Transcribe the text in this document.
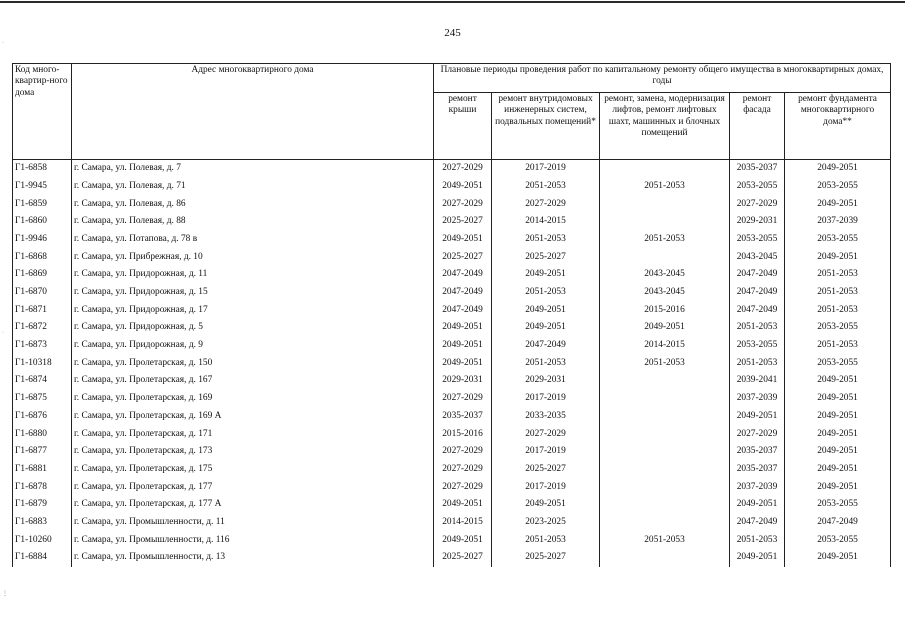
·
·
⋮
245
Код много-квартир-ного дома	Адрес многоквартирного дома	Плановые периоды проведения работ по капитальному ремонту общего имущества в многоквартирных домах, годы				
		ремонт крыши	ремонт внутридомовых инженерных систем, подвальных помещений*	ремонт, замена, модернизация лифтов, ремонт лифтовых шахт, машинных и блочных помещений	ремонт фасада	ремонт фундамента многоквартирного дома**
Г1-6858	г. Самара, ул. Полевая, д. 7	2027-2029	2017-2019		2035-2037	2049-2051
Г1-9945	г. Самара, ул. Полевая, д. 71	2049-2051	2051-2053	2051-2053	2053-2055	2053-2055
Г1-6859	г. Самара, ул. Полевая, д. 86	2027-2029	2027-2029		2027-2029	2049-2051
Г1-6860	г. Самара, ул. Полевая, д. 88	2025-2027	2014-2015		2029-2031	2037-2039
Г1-9946	г. Самара, ул. Потапова, д. 78 в	2049-2051	2051-2053	2051-2053	2053-2055	2053-2055
Г1-6868	г. Самара, ул. Прибрежная, д. 10	2025-2027	2025-2027		2043-2045	2049-2051
Г1-6869	г. Самара, ул. Придорожная, д. 11	2047-2049	2049-2051	2043-2045	2047-2049	2051-2053
Г1-6870	г. Самара, ул. Придорожная, д. 15	2047-2049	2051-2053	2043-2045	2047-2049	2051-2053
Г1-6871	г. Самара, ул. Придорожная, д. 17	2047-2049	2049-2051	2015-2016	2047-2049	2051-2053
Г1-6872	г. Самара, ул. Придорожная, д. 5	2049-2051	2049-2051	2049-2051	2051-2053	2053-2055
Г1-6873	г. Самара, ул. Придорожная, д. 9	2049-2051	2047-2049	2014-2015	2053-2055	2051-2053
Г1-10318	г. Самара, ул. Пролетарская, д. 150	2049-2051	2051-2053	2051-2053	2051-2053	2053-2055
Г1-6874	г. Самара, ул. Пролетарская, д. 167	2029-2031	2029-2031		2039-2041	2049-2051
Г1-6875	г. Самара, ул. Пролетарская, д. 169	2027-2029	2017-2019		2037-2039	2049-2051
Г1-6876	г. Самара, ул. Пролетарская, д. 169 А	2035-2037	2033-2035		2049-2051	2049-2051
Г1-6880	г. Самара, ул. Пролетарская, д. 171	2015-2016	2027-2029		2027-2029	2049-2051
Г1-6877	г. Самара, ул. Пролетарская, д. 173	2027-2029	2017-2019		2035-2037	2049-2051
Г1-6881	г. Самара, ул. Пролетарская, д. 175	2027-2029	2025-2027		2035-2037	2049-2051
Г1-6878	г. Самара, ул. Пролетарская, д. 177	2027-2029	2017-2019		2037-2039	2049-2051
Г1-6879	г. Самара, ул. Пролетарская, д. 177 А	2049-2051	2049-2051		2049-2051	2053-2055
Г1-6883	г. Самара, ул. Промышленности, д. 11	2014-2015	2023-2025		2047-2049	2047-2049
Г1-10260	г. Самара, ул. Промышленности, д. 116	2049-2051	2051-2053	2051-2053	2051-2053	2053-2055
Г1-6884	г. Самара, ул. Промышленности, д. 13	2025-2027	2025-2027		2049-2051	2049-2051
